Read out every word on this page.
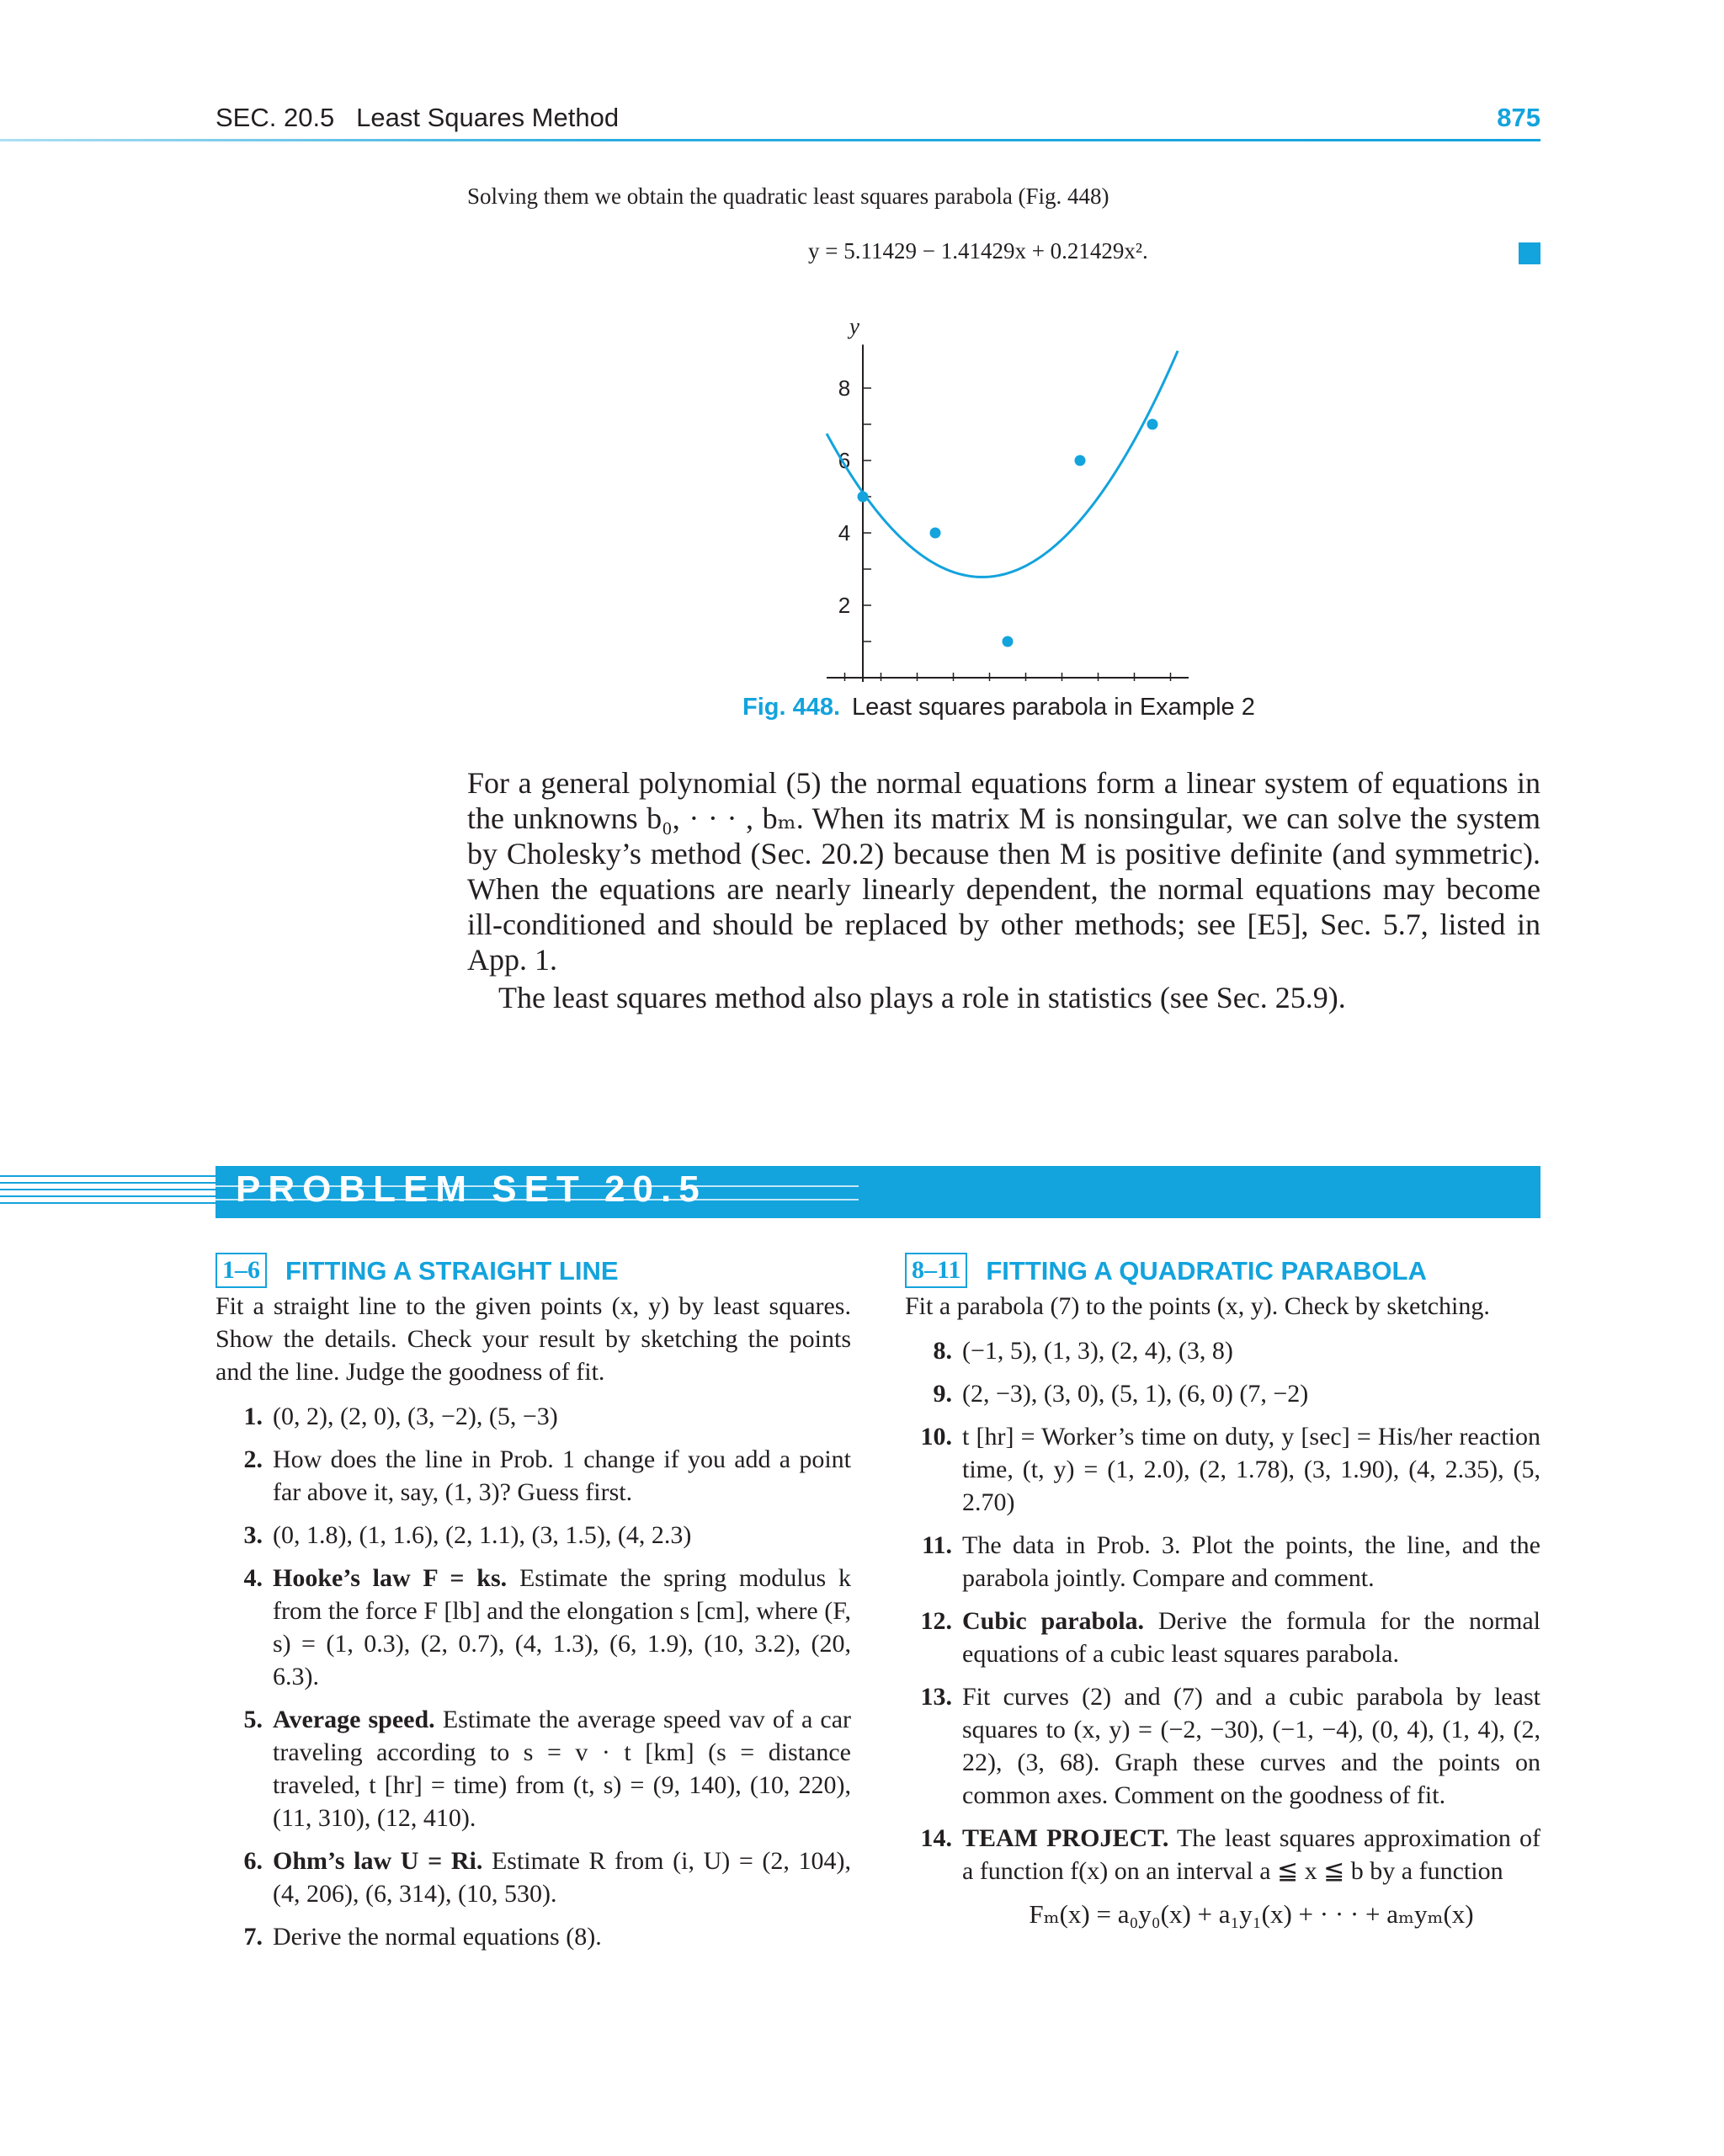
SEC. 20.5 Least Squares Method	875
Solving them we obtain the quadratic least squares parabola (Fig. 448)
y = 5.11429 − 1.41429x + 0.21429x².
2
4
6
8
y
Fig. 448. Least squares parabola in Example 2
For a general polynomial (5) the normal equations form a linear system of equations in the unknowns b₀, · · · , bₘ. When its matrix M is nonsingular, we can solve the system by Cholesky’s method (Sec. 20.2) because then M is positive definite (and symmetric). When the equations are nearly linearly dependent, the normal equations may become ill-conditioned and should be replaced by other methods; see [E5], Sec. 5.7, listed in App. 1.
The least squares method also plays a role in statistics (see Sec. 25.9).
PROBLEM SET 20.5
1–6 FITTING A STRAIGHT LINE
Fit a straight line to the given points (x, y) by least squares. Show the details. Check your result by sketching the points and the line. Judge the goodness of fit.
1. (0, 2), (2, 0), (3, −2), (5, −3)
2. How does the line in Prob. 1 change if you add a point far above it, say, (1, 3)? Guess first.
3. (0, 1.8), (1, 1.6), (2, 1.1), (3, 1.5), (4, 2.3)
4. Hooke’s law F = ks. Estimate the spring modulus k from the force F [lb] and the elongation s [cm], where (F, s) = (1, 0.3), (2, 0.7), (4, 1.3), (6, 1.9), (10, 3.2), (20, 6.3).
5. Average speed. Estimate the average speed vav of a car traveling according to s = v · t [km] (s = distance traveled, t [hr] = time) from (t, s) = (9, 140), (10, 220), (11, 310), (12, 410).
6. Ohm’s law U = Ri. Estimate R from (i, U) = (2, 104), (4, 206), (6, 314), (10, 530).
7. Derive the normal equations (8).
8–11 FITTING A QUADRATIC PARABOLA
Fit a parabola (7) to the points (x, y). Check by sketching.
8. (−1, 5), (1, 3), (2, 4), (3, 8)
9. (2, −3), (3, 0), (5, 1), (6, 0) (7, −2)
10. t [hr] = Worker’s time on duty, y [sec] = His/her reaction time, (t, y) = (1, 2.0), (2, 1.78), (3, 1.90), (4, 2.35), (5, 2.70)
11. The data in Prob. 3. Plot the points, the line, and the parabola jointly. Compare and comment.
12. Cubic parabola. Derive the formula for the normal equations of a cubic least squares parabola.
13. Fit curves (2) and (7) and a cubic parabola by least squares to (x, y) = (−2, −30), (−1, −4), (0, 4), (1, 4), (2, 22), (3, 68). Graph these curves and the points on common axes. Comment on the goodness of fit.
14. TEAM PROJECT. The least squares approximation of a function f(x) on an interval a ≦ x ≦ b by a function
Fₘ(x) = a₀y₀(x) + a₁y₁(x) + · · · + aₘyₘ(x)
